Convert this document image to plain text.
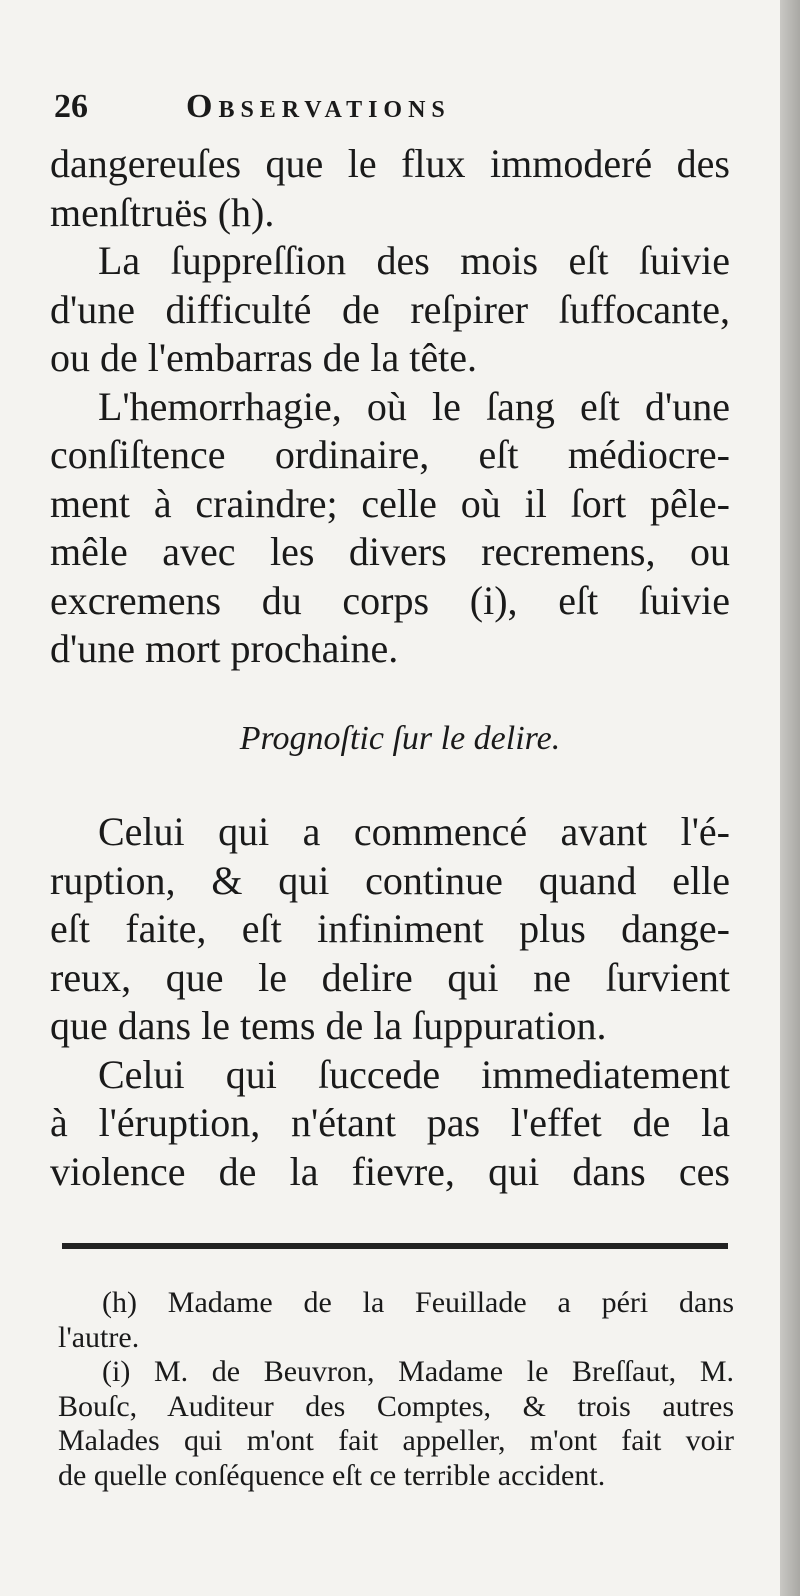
26	Observations
dangereuſes que le flux immoderé des
menſtruës (h).
La ſuppreſſion des mois eſt ſuivie
d'une difficulté de reſpirer ſuffocante,
ou de l'embarras de la tête.
L'hemorrhagie, où le ſang eſt d'une
conſiſtence ordinaire, eſt médiocre-
ment à craindre; celle où il ſort pêle-
mêle avec les divers recremens, ou
excremens du corps (i), eſt ſuivie
d'une mort prochaine.
Prognoſtic ſur le delire.
Celui qui a commencé avant l'é-
ruption, & qui continue quand elle
eſt faite, eſt infiniment plus dange-
reux, que le delire qui ne ſurvient
que dans le tems de la ſuppuration.
Celui qui ſuccede immediatement
à l'éruption, n'étant pas l'effet de la
violence de la fievre, qui dans ces
(h) Madame de la Feuillade a péri dans
l'autre.
(i) M. de Beuvron, Madame le Breſſaut, M.
Bouſc, Auditeur des Comptes, & trois autres
Malades qui m'ont fait appeller, m'ont fait voir
de quelle conſéquence eſt ce terrible accident.
